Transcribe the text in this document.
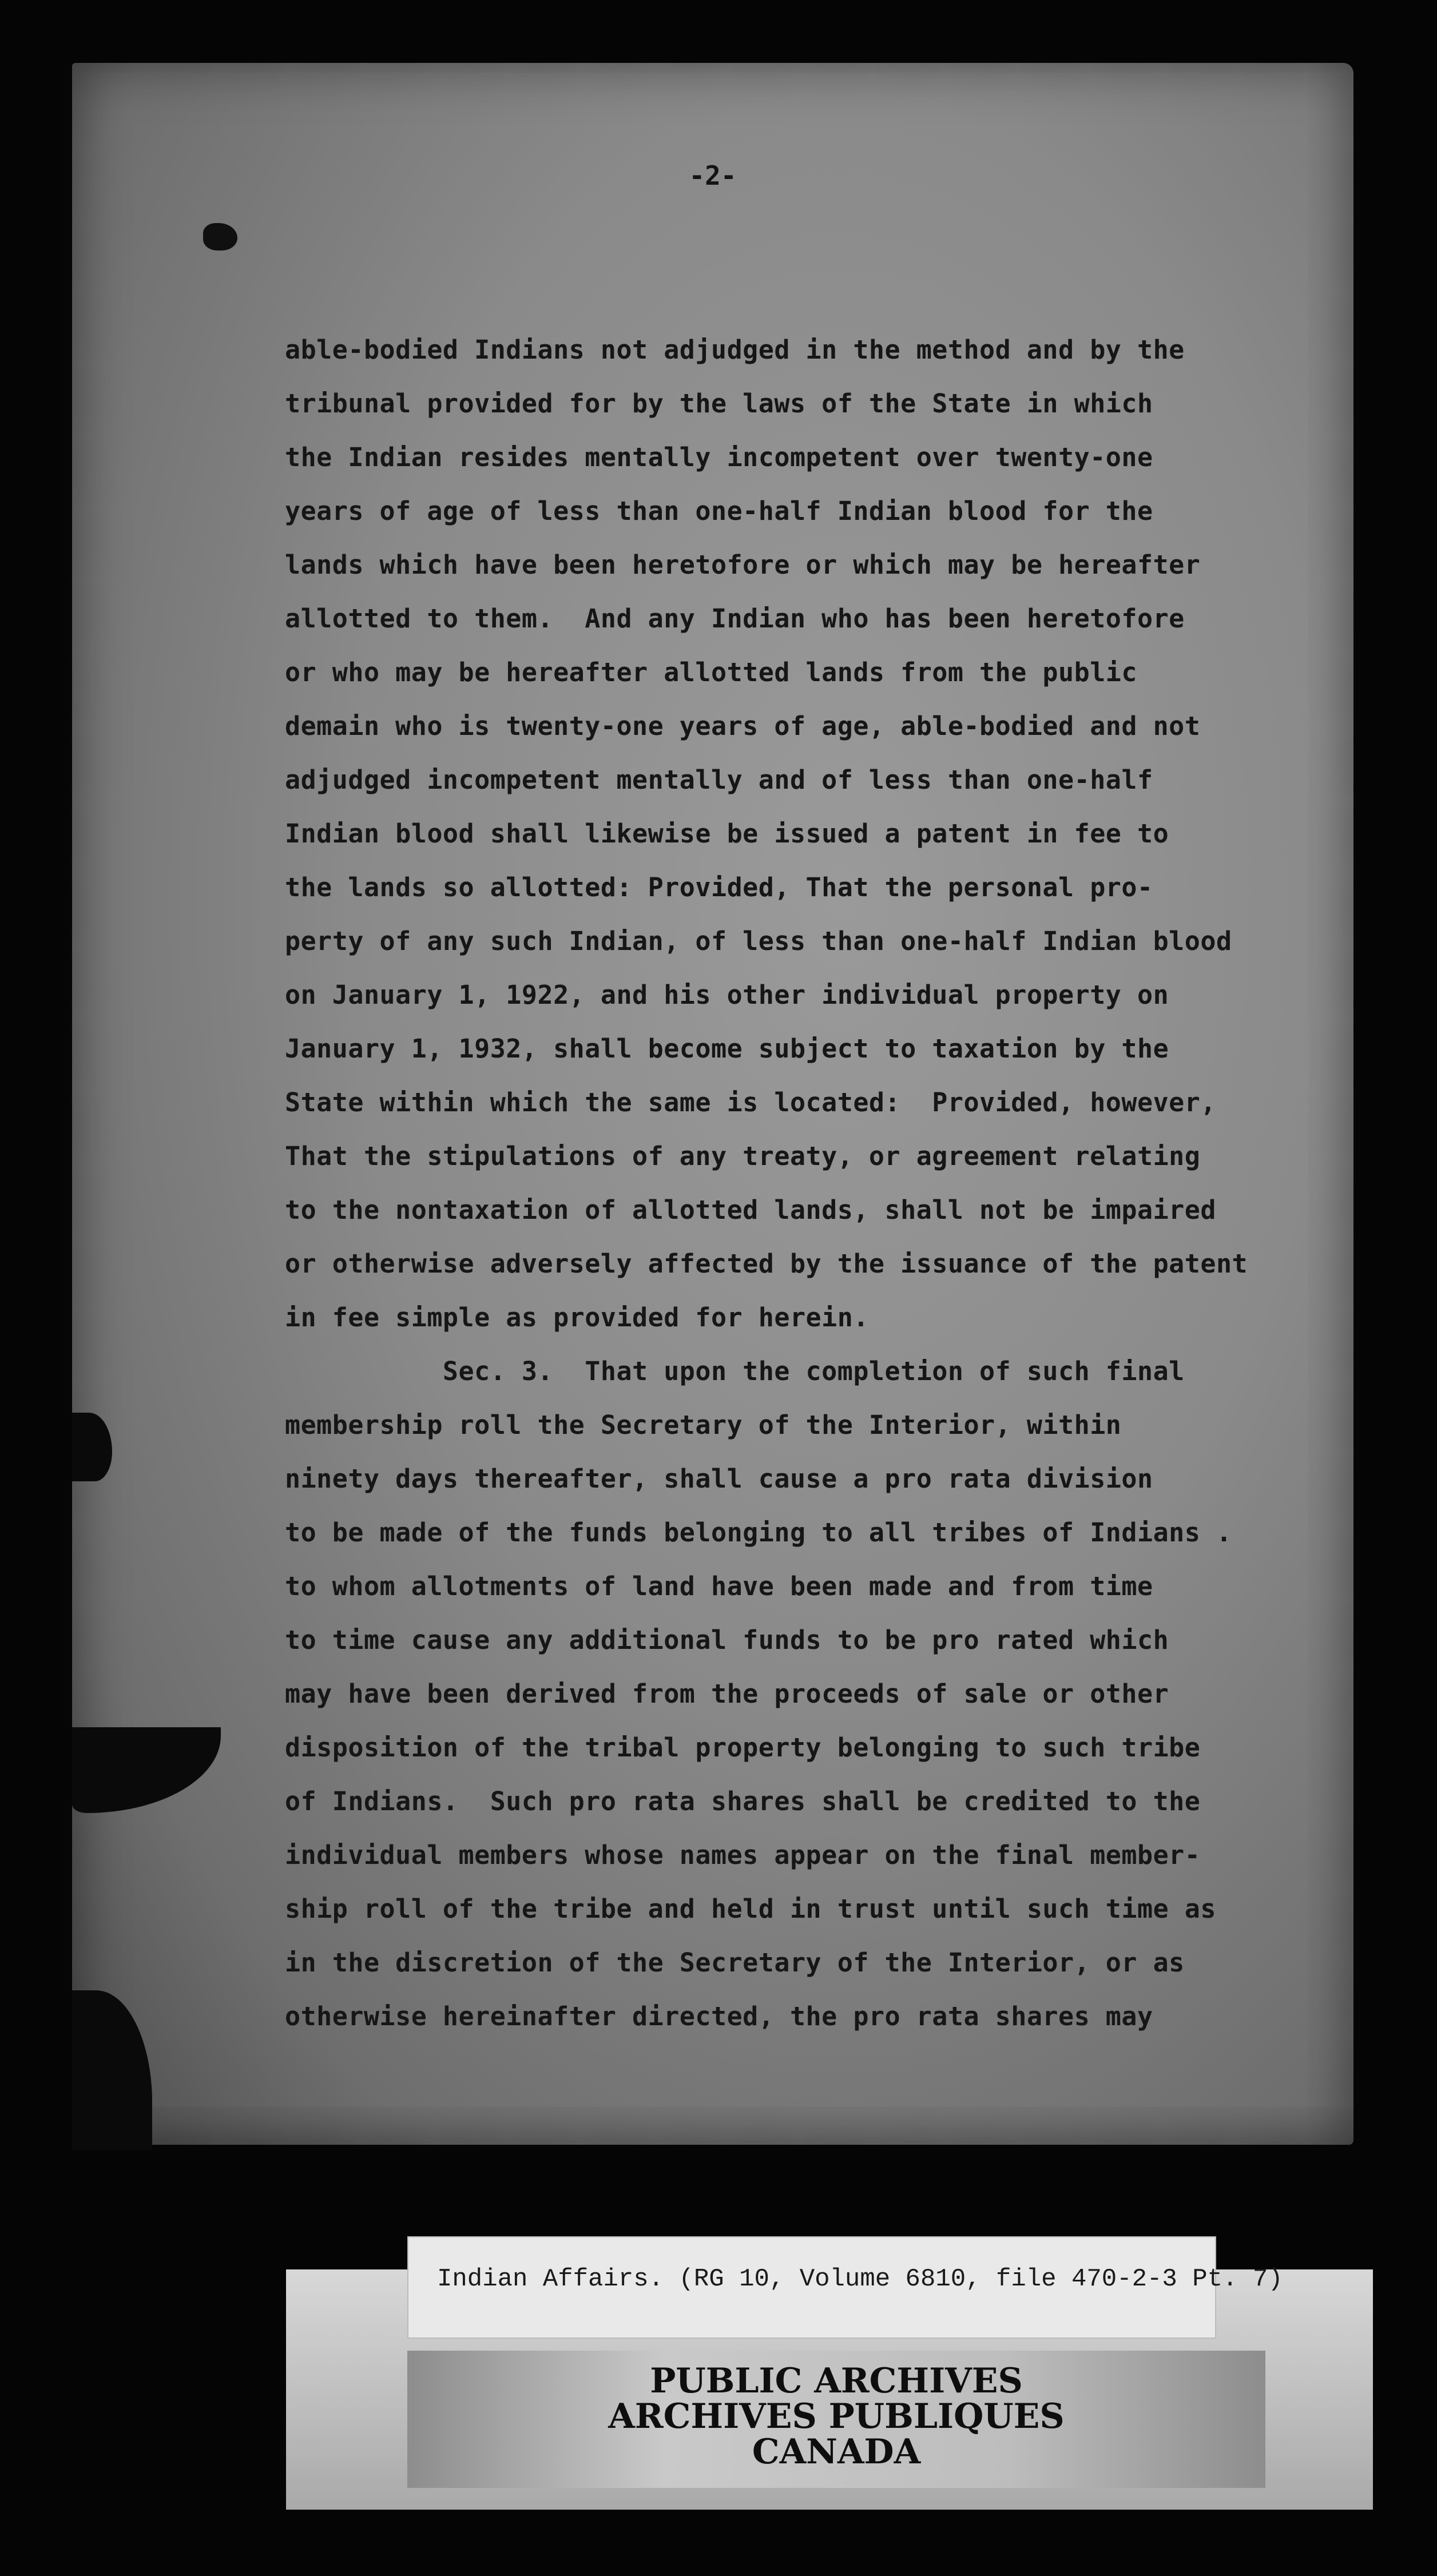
-2-
able-bodied Indians not adjudged in the method and by the
tribunal provided for by the laws of the State in which
the Indian resides mentally incompetent over twenty-one
years of age of less than one-half Indian blood for the
lands which have been heretofore or which may be hereafter
allotted to them.  And any Indian who has been heretofore
or who may be hereafter allotted lands from the public
demain who is twenty-one years of age, able-bodied and not
adjudged incompetent mentally and of less than one-half
Indian blood shall likewise be issued a patent in fee to
the lands so allotted: Provided, That the personal pro-
perty of any such Indian, of less than one-half Indian blood
on January 1, 1922, and his other individual property on
January 1, 1932, shall become subject to taxation by the
State within which the same is located:  Provided, however,
That the stipulations of any treaty, or agreement relating
to the nontaxation of allotted lands, shall not be impaired
or otherwise adversely affected by the issuance of the patent
in fee simple as provided for herein.
Sec. 3.  That upon the completion of such final
membership roll the Secretary of the Interior, within
ninety days thereafter, shall cause a pro rata division
to be made of the funds belonging to all tribes of Indians .
to whom allotments of land have been made and from time
to time cause any additional funds to be pro rated which
may have been derived from the proceeds of sale or other
disposition of the tribal property belonging to such tribe
of Indians.  Such pro rata shares shall be credited to the
individual members whose names appear on the final member-
ship roll of the tribe and held in trust until such time as
in the discretion of the Secretary of the Interior, or as
otherwise hereinafter directed, the pro rata shares may
Indian Affairs. (RG 10, Volume 6810, file 470-2-3 Pt. 7)
PUBLIC ARCHIVES
ARCHIVES PUBLIQUES
CANADA
